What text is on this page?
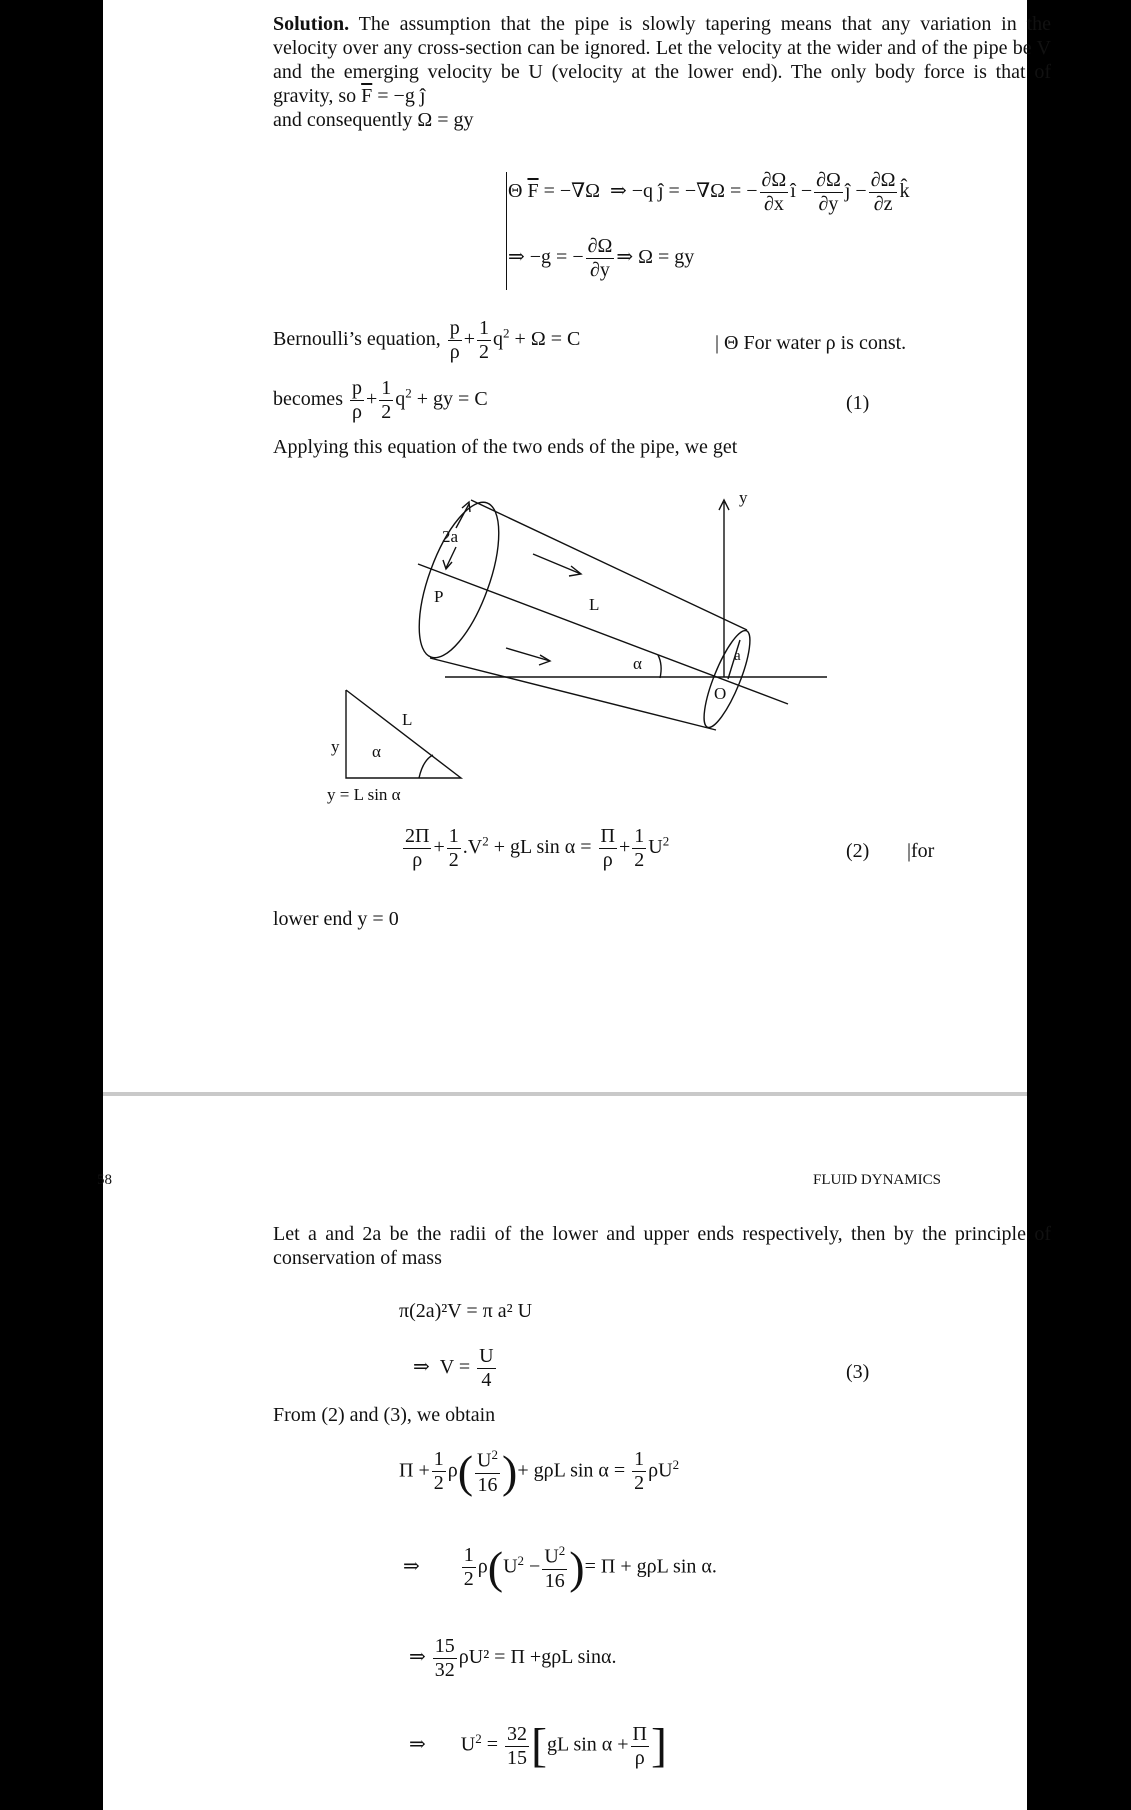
Solution. The assumption that the pipe is slowly tapering means that any variation in the velocity over any cross-section can be ignored. Let the velocity at the wider and of the pipe be V and the emerging velocity be U (velocity at the lower end). The only body force is that of gravity, so $\overline{F} = -g$ ĵ
and consequently Ω = gy
Θ $\overline{F} = -\nabla\Omega$  ⇒ −q ĵ = −∇Ω = − $\frac{\partial\Omega}{\partial x}$ î − $\frac{\partial\Omega}{\partial y}$ ĵ − $\frac{\partial\Omega}{\partial z}$ k̂
⇒ −g = − $\frac{\partial\Omega}{\partial y}$ ⇒ Ω = gy
Bernoulli’s equation, $\frac{p}{\rho} + \frac{1}{2} q^2 + \Omega = C$	| Θ For water ρ is const.
becomes $\frac{p}{\rho} + \frac{1}{2} q^2$ + gy = C	(1)
Applying this equation of the two ends of the pipe, we get
y
2a
P	L
α	a
O
L
y α
y = L sin α
$\frac{2\Pi}{\rho} + \frac{1}{2} .V^2$ + gL $\sin \alpha = \frac{\Pi}{\rho} + \frac{1}{2} U^2$	(2) |for
lower end y = 0
58	FLUID DYNAMICS
Let a and 2a be the radii of the lower and upper ends respectively, then by the principle of conservation of mass
π(2a)²V = π a² U
⇒  $V = \frac{U}{4}$	(3)
From (2) and (3), we obtain
$\Pi + \frac{1}{2} \rho( \frac{U^2}{16}$ )+ gρL $\sin \alpha = \frac{1}{2} \rho U^2$
⇒ $\frac{1}{2} \rho(U^2 - \frac{U^2}{16}$ )= Π + gρL sin α.
⇒ $\frac{15}{32} \rho U^2 = \Pi +g\rho L$ sinα.
⇒       $U^2 = \frac{32}{15} [gL$ $\sin \alpha + \frac{\Pi}{\rho}$ ]
